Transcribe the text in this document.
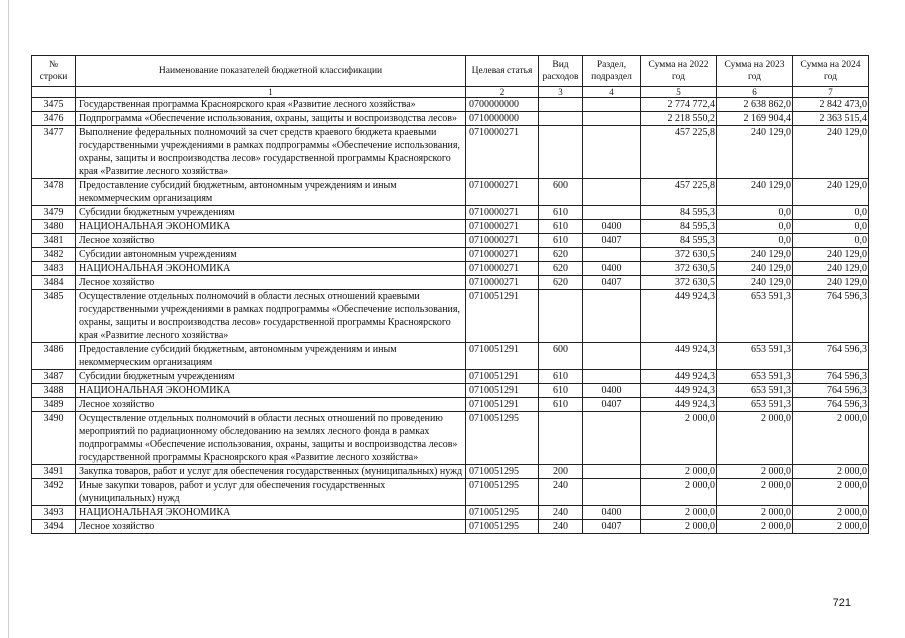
№ строки	Наименование показателей бюджетной классификации	Целевая статья	Вид расходов	Раздел, подраздел	Сумма на 2022 год	Сумма на 2023 год	Сумма на 2024 год
	1	2	3	4	5	6	7
3475	Государственная программа Красноярского края «Развитие лесного хозяйства»	0700000000			2 774 772,4	2 638 862,0	2 842 473,0
3476	Подпрограмма «Обеспечение использования, охраны, защиты и воспроизводства лесов»	0710000000			2 218 550,2	2 169 904,4	2 363 515,4
3477	Выполнение федеральных полномочий за счет средств краевого бюджета краевыми государственными учреждениями в рамках подпрограммы «Обеспечение использования, охраны, защиты и воспроизводства лесов» государственной программы Красноярского края «Развитие лесного хозяйства»	0710000271			457 225,8	240 129,0	240 129,0
3478	Предоставление субсидий бюджетным, автономным учреждениям и иным некоммерческим организациям	0710000271	600		457 225,8	240 129,0	240 129,0
3479	Субсидии бюджетным учреждениям	0710000271	610		84 595,3	0,0	0,0
3480	НАЦИОНАЛЬНАЯ ЭКОНОМИКА	0710000271	610	0400	84 595,3	0,0	0,0
3481	Лесное хозяйство	0710000271	610	0407	84 595,3	0,0	0,0
3482	Субсидии автономным учреждениям	0710000271	620		372 630,5	240 129,0	240 129,0
3483	НАЦИОНАЛЬНАЯ ЭКОНОМИКА	0710000271	620	0400	372 630,5	240 129,0	240 129,0
3484	Лесное хозяйство	0710000271	620	0407	372 630,5	240 129,0	240 129,0
3485	Осуществление отдельных полномочий в области лесных отношений краевыми государственными учреждениями в рамках подпрограммы «Обеспечение использования, охраны, защиты и воспроизводства лесов» государственной программы Красноярского края «Развитие лесного хозяйства»	0710051291			449 924,3	653 591,3	764 596,3
3486	Предоставление субсидий бюджетным, автономным учреждениям и иным некоммерческим организациям	0710051291	600		449 924,3	653 591,3	764 596,3
3487	Субсидии бюджетным учреждениям	0710051291	610		449 924,3	653 591,3	764 596,3
3488	НАЦИОНАЛЬНАЯ ЭКОНОМИКА	0710051291	610	0400	449 924,3	653 591,3	764 596,3
3489	Лесное хозяйство	0710051291	610	0407	449 924,3	653 591,3	764 596,3
3490	Осуществление отдельных полномочий в области лесных отношений по проведению мероприятий по радиационному обследованию на землях лесного фонда в рамках подпрограммы «Обеспечение использования, охраны, защиты и воспроизводства лесов» государственной программы Красноярского края «Развитие лесного хозяйства»	0710051295			2 000,0	2 000,0	2 000,0
3491	Закупка товаров, работ и услуг для обеспечения государственных (муниципальных) нужд	0710051295	200		2 000,0	2 000,0	2 000,0
3492	Иные закупки товаров, работ и услуг для обеспечения государственных (муниципальных) нужд	0710051295	240		2 000,0	2 000,0	2 000,0
3493	НАЦИОНАЛЬНАЯ ЭКОНОМИКА	0710051295	240	0400	2 000,0	2 000,0	2 000,0
3494	Лесное хозяйство	0710051295	240	0407	2 000,0	2 000,0	2 000,0
721
